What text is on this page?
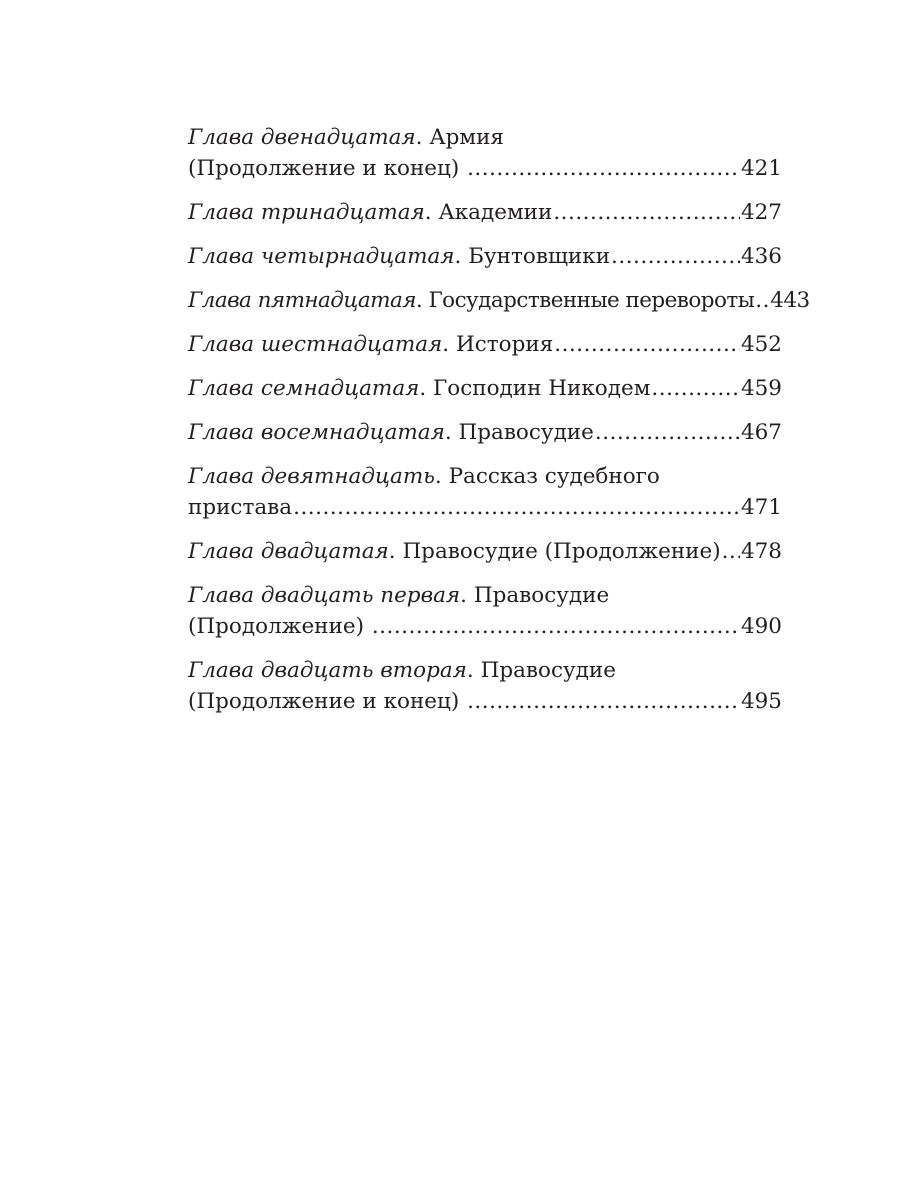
Глава двенадцатая. Армия
(Продолжение и конец)
.....	421
Глава тринадцатая . Академии .....	427
Глава четырнадцатая . Бунтовщики .....	436
Глава пятнадцатая . Государственные перевороты ..... 443
Глава шестнадцатая . История .....	452
Глава семнадцатая . Господин Никодем .....	459
Глава восемнадцатая . Правосудие .....	467
Глава девятнадцать. Рассказ судебного
пристава .....	471
Глава двадцатая . Правосудие (Продолжение) ..... 478
Глава двадцать первая. Правосудие
(Продолжение)
.....	490
Глава двадцать вторая. Правосудие
(Продолжение и конец)
.....	495
